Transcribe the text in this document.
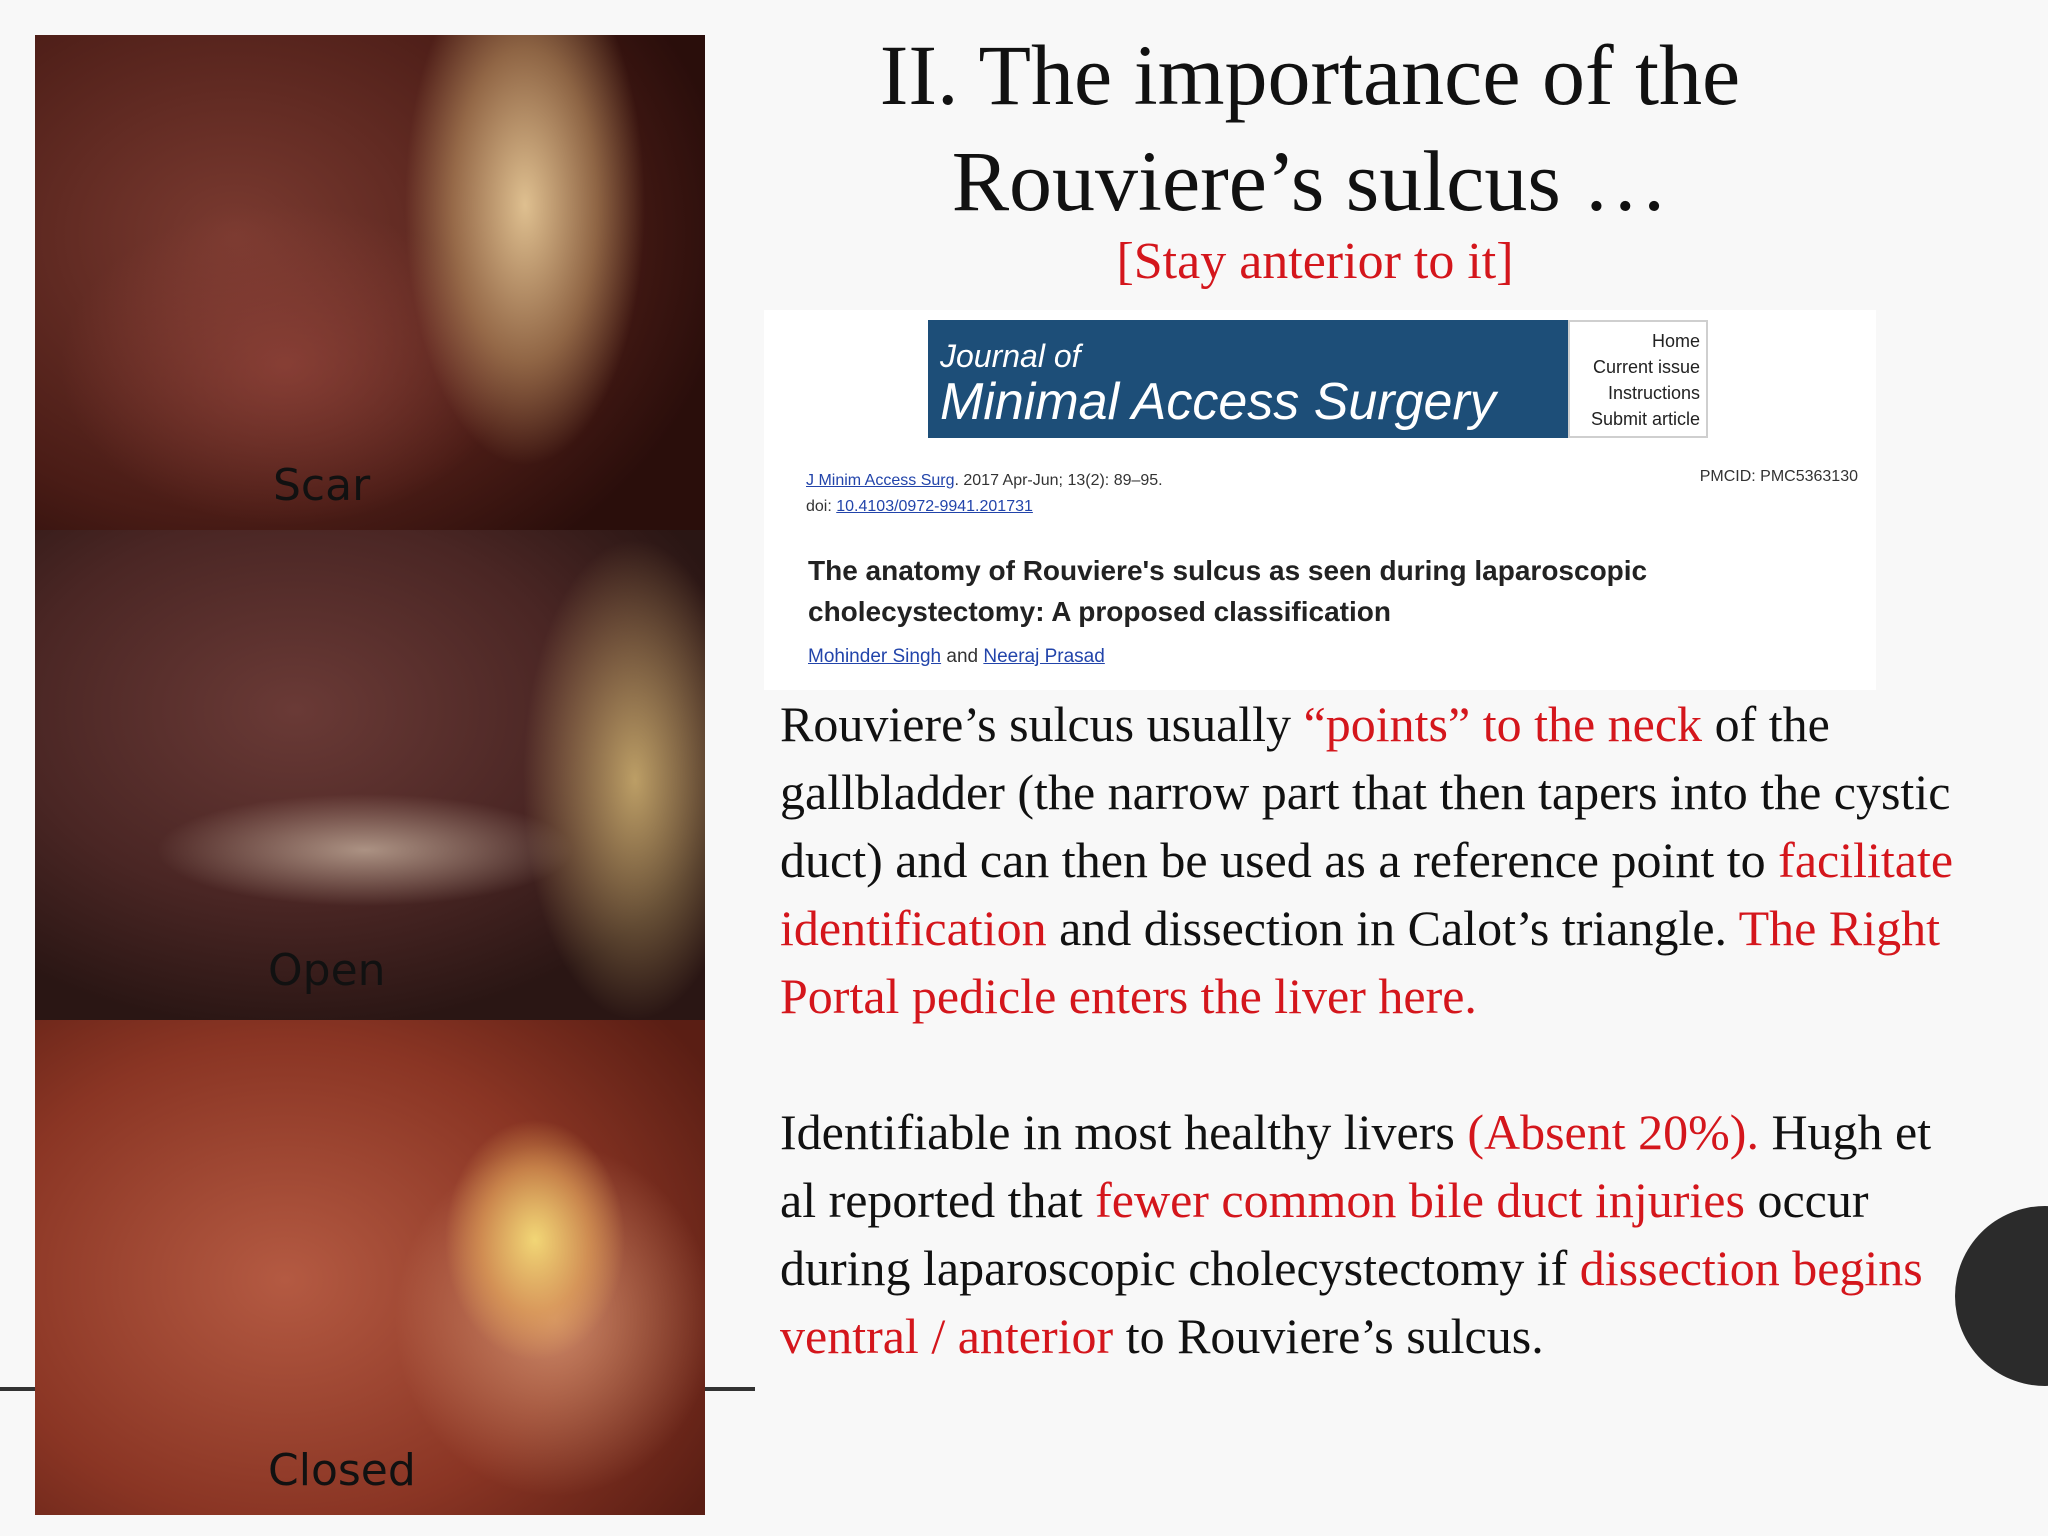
Scar
Open
Closed
II. The importance of the
Rouviere’s sulcus …
[Stay anterior to it]
Journal of
Minimal Access Surgery
Home
Current issue
Instructions
Submit article
J Minim Access Surg. 2017 Apr-Jun; 13(2): 89–95.
doi: 10.4103/0972-9941.201731
PMCID: PMC5363130
The anatomy of Rouviere's sulcus as seen during laparoscopic cholecystectomy: A proposed classification
Mohinder Singh and Neeraj Prasad

Rouviere’s sulcus usually “points” to the neck of the gallbladder (the narrow part that then tapers into the cystic duct) and can then be used as a reference point to facilitate identification and dissection in Calot’s triangle. The Right Portal pedicle enters the liver here.

Identifiable in most healthy livers (Absent 20%). Hugh et al reported that fewer common bile duct injuries occur during laparoscopic cholecystectomy if dissection begins ventral / anterior to Rouviere’s sulcus.
